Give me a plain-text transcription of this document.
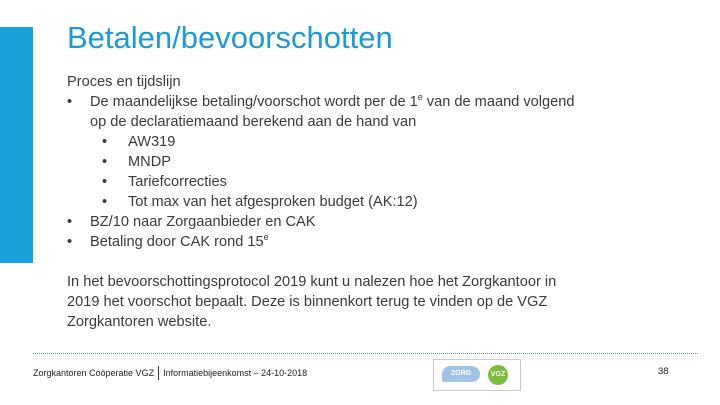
Betalen/bevoorschotten
Proces en tijdslijn
•	De maandelijkse betaling/voorschot wordt per de 1e van de maand volgend
op de declaratiemaand berekend aan de hand van
•	AW319
•	MNDP
•	Tariefcorrecties
•	Tot max van het afgesproken budget (AK:12)
•	BZ/10 naar Zorgaanbieder en CAK
•	Betaling door CAK rond 15e
In het bevoorschottingsprotocol 2019 kunt u nalezen hoe het Zorgkantoor in
2019 het voorschot bepaalt. Deze is binnenkort terug te vinden op de VGZ
Zorgkantoren website.
Zorgkantoren Coöperatie VGZ Informatiebijeenkomst – 24-10-2018	ZORG	VGZ	38
